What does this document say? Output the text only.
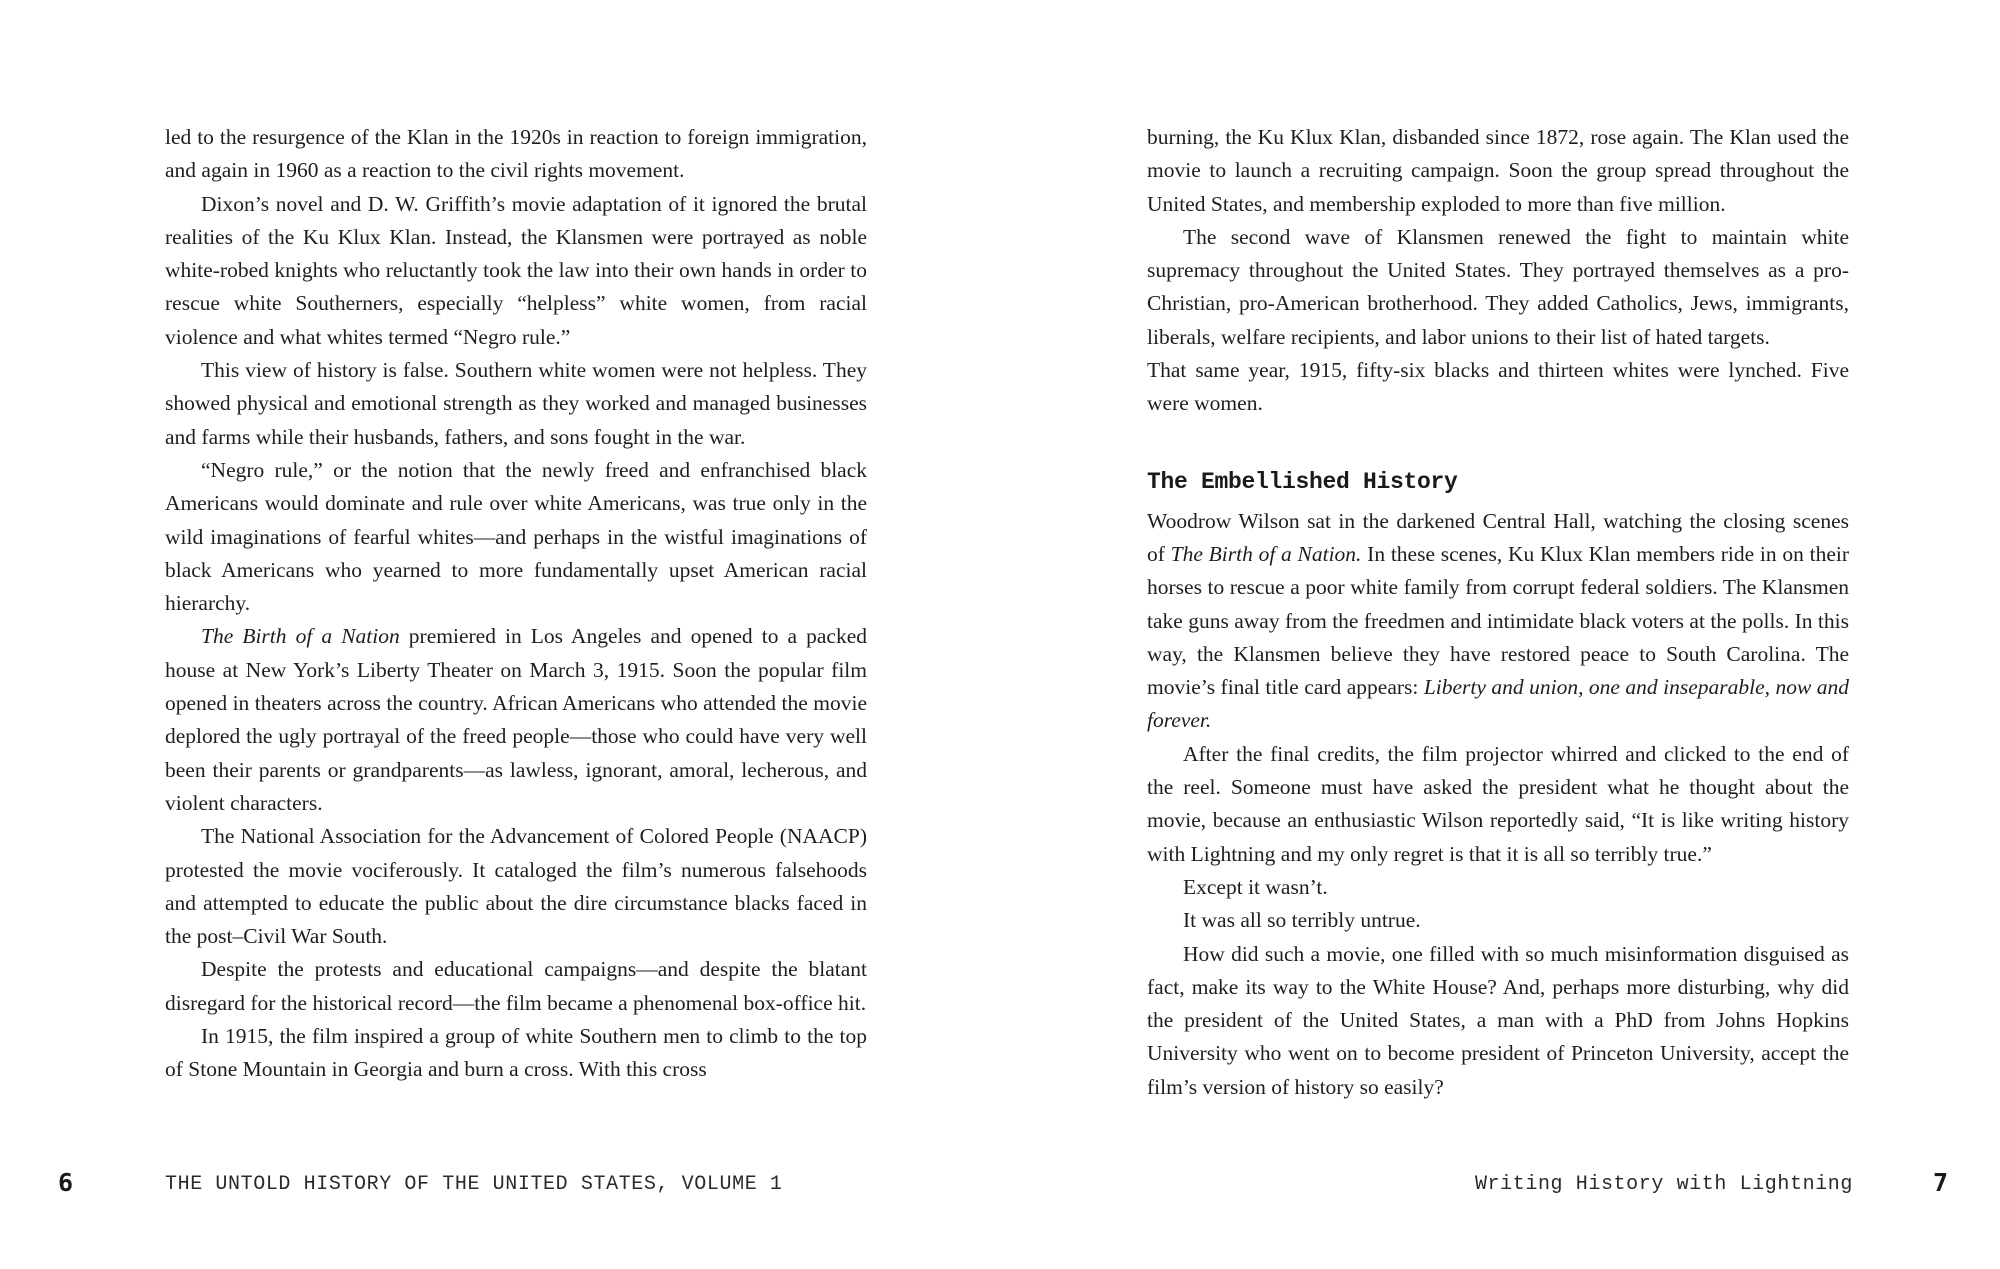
led to the resurgence of the Klan in the 1920s in reaction to foreign immigration, and again in 1960 as a reaction to the civil rights movement.

Dixon’s novel and D. W. Griffith’s movie adaptation of it ignored the brutal realities of the Ku Klux Klan. Instead, the Klansmen were portrayed as noble white-robed knights who reluctantly took the law into their own hands in order to rescue white Southerners, especially “helpless” white women, from racial violence and what whites termed “Negro rule.”

This view of history is false. Southern white women were not helpless. They showed physical and emotional strength as they worked and managed businesses and farms while their husbands, fathers, and sons fought in the war.

“Negro rule,” or the notion that the newly freed and enfranchised black Americans would dominate and rule over white Americans, was true only in the wild imaginations of fearful whites—and perhaps in the wistful imaginations of black Americans who yearned to more fundamentally upset American racial hierarchy.

The Birth of a Nation premiered in Los Angeles and opened to a packed house at New York’s Liberty Theater on March 3, 1915. Soon the popular film opened in theaters across the country. African Americans who attended the movie deplored the ugly portrayal of the freed people—those who could have very well been their parents or grandparents—as lawless, ignorant, amoral, lecherous, and violent characters.

The National Association for the Advancement of Colored People (NAACP) protested the movie vociferously. It cataloged the film’s numerous falsehoods and attempted to educate the public about the dire circumstance blacks faced in the post–Civil War South.

Despite the protests and educational campaigns—and despite the blatant disregard for the historical record—the film became a phenomenal box-office hit.

In 1915, the film inspired a group of white Southern men to climb to the top of Stone Mountain in Georgia and burn a cross. With this cross

6	THE UNTOLD HISTORY OF THE UNITED STATES, VOLUME 1

burning, the Ku Klux Klan, disbanded since 1872, rose again. The Klan used the movie to launch a recruiting campaign. Soon the group spread throughout the United States, and membership exploded to more than five million.

The second wave of Klansmen renewed the fight to maintain white supremacy throughout the United States. They portrayed themselves as a pro-Christian, pro-American brotherhood. They added Catholics, Jews, immigrants, liberals, welfare recipients, and labor unions to their list of hated targets.

That same year, 1915, fifty-six blacks and thirteen whites were lynched. Five were women.

The Embellished History

Woodrow Wilson sat in the darkened Central Hall, watching the closing scenes of The Birth of a Nation. In these scenes, Ku Klux Klan members ride in on their horses to rescue a poor white family from corrupt federal soldiers. The Klansmen take guns away from the freedmen and intimidate black voters at the polls. In this way, the Klansmen believe they have restored peace to South Carolina. The movie’s final title card appears: Liberty and union, one and inseparable, now and forever.

After the final credits, the film projector whirred and clicked to the end of the reel. Someone must have asked the president what he thought about the movie, because an enthusiastic Wilson reportedly said, “It is like writing history with Lightning and my only regret is that it is all so terribly true.”

Except it wasn’t.

It was all so terribly untrue.

How did such a movie, one filled with so much misinformation disguised as fact, make its way to the White House? And, perhaps more disturbing, why did the president of the United States, a man with a PhD from Johns Hopkins University who went on to become president of Princeton University, accept the film’s version of history so easily?

Writing History with Lightning	7
